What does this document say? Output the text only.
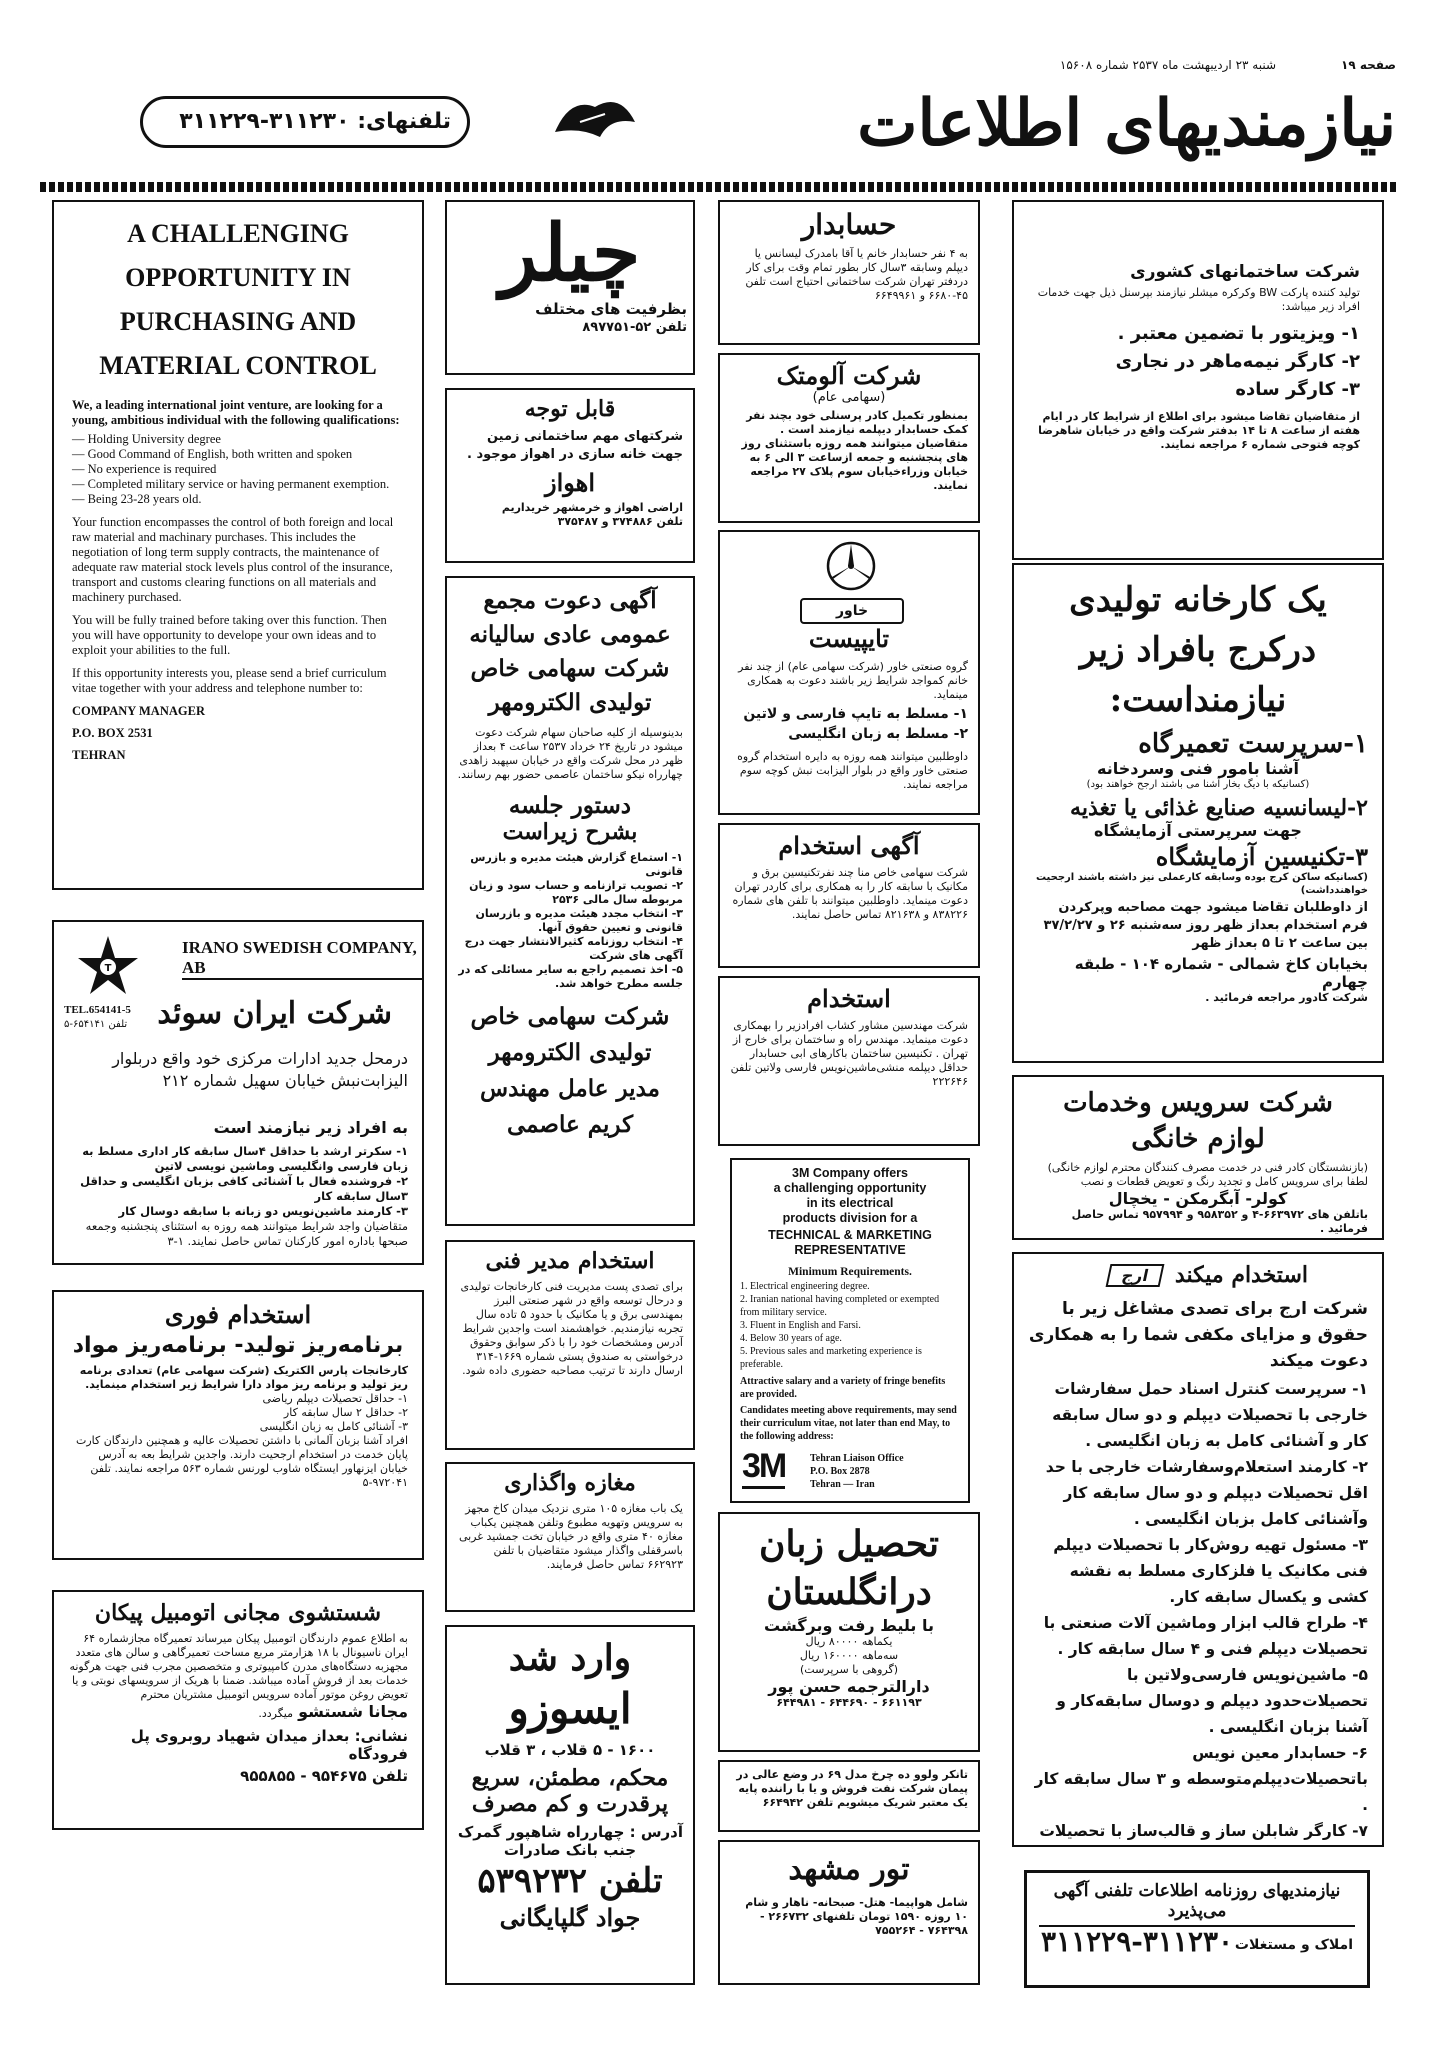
صفحه ۱۹
شنبه ۲۳ اردیبهشت ماه ۲۵۳۷ شماره ۱۵۶۰۸
نیازمندیهای اطلاعات
تلفنهای: ۳۱۱۲۳۰-۳۱۱۲۲۹
A CHALLENGING
OPPORTUNITY IN
PURCHASING AND
MATERIAL CONTROL

We, a leading international joint venture, are looking for a young, ambitious individual with the following qualifications:

— Holding University degree
— Good Command of English, both written and spoken
— No experience is required
— Completed military service or having permanent exemption.
— Being 23-28 years old.

Your function encompasses the control of both foreign and local raw material and machinary purchases. This includes the negotiation of long term supply contracts, the maintenance of adequate raw material stock levels plus control of the insurance, transport and customs clearing functions on all materials and machinery purchased.

You will be fully trained before taking over this function. Then you will have opportunity to develope your own ideas and to exploit your abilities to the full.

If this opportunity interests you, please send a brief curriculum vitae together with your address and telephone number to:

COMPANY MANAGER
P.O. BOX 2531
TEHRAN
T
IRANO SWEDISH COMPANY, AB
TEL.654141-5
تلفن ۶۵۴۱۴۱-۵ شرکت ایران سوئد
درمحل جدید ادارات مرکزی خود واقع دربلوار الیزابت‌نبش خیابان سهیل شماره ۲۱۲
به افراد زیر نیازمند است
۱- سکرتر ارشد با حداقل ۴سال سابقه کار اداری مسلط به زبان فارسی وانگلیسی وماشین نویسی لاتین
۲- فروشنده فعال با آشنائی کافی بزبان انگلیسی و حداقل ۳سال سابقه کار
۳- کارمند ماشین‌نویس دو زبانه با سابقه دوسال کار
متقاضیان واجد شرایط میتوانند همه روزه به استثنای پنجشنبه وجمعه صبحها باداره امور کارکنان تماس حاصل نمایند. ۱-۳
استخدام فوری
برنامه‌ریز تولید- برنامه‌ریز مواد
کارخانجات پارس الکتریک (شرکت سهامی عام) تعدادی برنامه ریز تولید و برنامه ریز مواد دارا شرایط زیر استخدام مینماید.
۱- حداقل تحصیلات دیپلم ریاضی
۲- حداقل ۲ سال سابقه کار
۳- آشنائی کامل به زبان انگلیسی
افراد آشنا بزبان آلمانی با داشتن تحصیلات عالیه و همچنین دارندگان کارت پایان خدمت در استخدام ارجحیت دارند. واجدین شرایط بعه به آدرس خیابان ایزنهاور ایستگاه شاوب لورنس شماره ۵۶۳ مراجعه نمایند. تلفن ۹۷۲۰۴۱-۵
شستشوی مجانی اتومبیل پیکان
به اطلاع عموم دارندگان اتومبیل پیکان میرساند تعمیرگاه مجازشماره ۶۴ ایران ناسیونال با ۱۸ هزارمتر مربع مساحت تعمیرگاهی و سالن های متعدد مجهزبه دستگاه‌های مدرن کامپیوتری و متخصصین مجرب فنی جهت هرگونه خدمات بعد از فروش آماده میباشد. ضمنا با هریک از سرویسهای نوبتی و یا تعویض روغن موتور آماده سرویس اتومبیل مشتریان محترم
مجانا شستشو میگردد.
نشانی: بعداز میدان شهیاد روبروی پل فرودگاه
تلفن ۹۵۴۶۷۵ - ۹۵۵۸۵۵
چیلر
بظرفیت های مختلف
تلفن ۵۲-۸۹۷۷۵۱
قابل توجه
شرکتهای مهم ساختمانی زمین جهت خانه سازی در اهواز موجود .
اهواز
اراضی اهواز و خرمشهر خریداریم
تلفن ۳۷۴۸۸۶ و ۳۷۵۴۸۷
آگهی دعوت مجمع
عمومی عادی سالیانه
شرکت سهامی خاص
تولیدی الکترومهر
بدینوسیله از کلیه صاحبان سهام شرکت دعوت میشود در تاریخ ۲۴ خرداد ۲۵۳۷ ساعت ۴ بعداز ظهر در محل شرکت واقع در خیابان سپهبد زاهدی چهارراه نیکو ساختمان عاصمی حضور بهم رسانند.
دستور جلسه
بشرح زیراست
۱- استماع گزارش هیئت مدیره و بازرس قانونی
۲- تصویب ترازنامه و حساب سود و زیان مربوطه سال مالی ۲۵۳۶
۳- انتخاب مجدد هیئت مدیره و بازرسان قانونی و تعیین حقوق آنها.
۴- انتخاب روزنامه کثیرالانتشار جهت درج آگهی های شرکت
۵- اخذ تصمیم راجع به سایر مسائلی که در جلسه مطرح خواهد شد.
شرکت سهامی خاص
تولیدی الکترومهر
مدیر عامل مهندس
کریم عاصمی
استخدام مدیر فنی
برای تصدی پست مدیریت فنی کارخانجات تولیدی و درحال توسعه واقع در شهر صنعتی البرز بمهندسی برق و یا مکانیک با حدود ۵ تاده سال تجربه نیازمندیم. خواهشمند است واجدین شرایط آدرس ومشخصات خود را با ذکر سوابق وحقوق درخواستی به صندوق پستی شماره ۱۶۶۹-۳۱۴ ارسال دارند تا ترتیب مصاحبه حضوری داده شود.
مغازه واگذاری
یک باب مغازه ۱۰۵ متری نزدیک میدان کاخ مجهز به سرویس وتهویه مطبوع وتلفن همچنین یکباب مغازه ۴۰ متری واقع در خیابان تخت جمشید غربی باسرقفلی واگذار میشود متقاضیان با تلفن ۶۶۲۹۲۳ تماس حاصل فرمایند.
وارد شد
ایسوزو
۱۶۰۰ - ۵ قلاب ، ۳ قلاب
محکم، مطمئن، سریع
پرقدرت و کم مصرف
آدرس : چهارراه شاهپور گمرک
جنب بانک صادرات
تلفن ۵۳۹۲۳۲
جواد گلپایگانی
حسابدار
به ۴ نفر حسابدار خانم یا آقا بامدرک لیسانس یا دیپلم وسابقه ۳سال کار بطور تمام وقت برای کار دردفتر تهران شرکت ساختمانی احتیاج است تلفن ۴۵-۶۶۸۰ و ۶۶۴۹۹۶۱
شرکت آلومتک
(سهامی عام)
بمنظور تکمیل کادر پرسنلی خود بچند نفر کمک حسابدار دیپلمه نیازمند است . متقاضیان میتوانند همه روزه باستثنای روز های پنجشنبه و جمعه ازساعت ۳ الی ۶ به خیابان وزراءخیابان سوم پلاک ۲۷ مراجعه نمایند.
خاور
تایپیست
گروه صنعتی خاور (شرکت سهامی عام) از چند نفر خانم کمواجد شرایط زیر باشند دعوت به همکاری مینماید.
۱- مسلط به تایپ فارسی و لاتین
۲- مسلط به زبان انگلیسی
داوطلبین میتوانند همه روزه به دایره استخدام گروه صنعتی خاور واقع در بلوار الیزابت نبش کوچه سوم مراجعه نمایند.
آگهی استخدام
شرکت سهامی خاص منا چند نفرتکنیسین برق و مکانیک با سابقه کار را به همکاری برای کاردر تهران دعوت مینماید. داوطلبین میتوانند با تلفن های شماره ۸۳۸۲۲۶ و ۸۲۱۶۳۸ تماس حاصل نمایند.
استخدام
شرکت مهندسین مشاور کشاب افرادزیر را بهمکاری دعوت مینماید. مهندس راه و ساختمان برای خارج از تهران . تکنیسین ساختمان باکارهای ابی حسابدار حداقل دیپلمه منشی‌ماشین‌نویس فارسی ولاتین تلفن ۲۲۲۶۴۶
3M Company offers
a challenging opportunity
in its electrical
products division for a
TECHNICAL & MARKETING REPRESENTATIVE
Minimum Requirements.
1. Electrical engineering degree.
2. Iranian national having completed or exempted from military service.
3. Fluent in English and Farsi.
4. Below 30 years of age.
5. Previous sales and marketing experience is preferable.
Attractive salary and a variety of fringe benefits are provided.
Candidates meeting above requirements, may send their curriculum vitae, not later than end May, to the following address:
3M Tehran Liaison Office
P.O. Box 2878
Tehran — Iran
تحصیل زبان
درانگلستان
با بلیط رفت وبرگشت
یکماهه ۸۰۰۰۰ ریال
سه‌ماهه ۱۶۰۰۰۰ ریال
(گروهی با سرپرست)
دارالترجمه حسن پور
۶۶۱۱۹۳ - ۶۴۴۶۹۰ - ۶۴۴۹۸۱
تانکر ولوو ده چرخ مدل ۶۹ در وضع عالی در پیمان شرکت نفت فروش و یا با راننده پایه یک معتبر شریک میشویم تلفن ۶۶۴۹۴۲
تور مشهد
شامل هواپیما- هتل- صبحانه- ناهار و شام ۱۰ روزه ۱۵۹۰ تومان تلفنهای ۲۶۶۷۳۲ - ۷۶۴۳۹۸ - ۷۵۵۲۶۴
شرکت ساختمانهای کشوری
تولید کننده پارکت BW وکرکره میشلر نیازمند بپرسنل ذیل جهت خدمات افراد زیر میباشد:
۱- ویزیتور با تضمین معتبر .
۲- کارگر نیمه‌ماهر در نجاری
۳- کارگر ساده
از متقاضیان تقاضا میشود برای اطلاع از شرایط کار در ایام هفته از ساعت ۸ تا ۱۴ بدفتر شرکت واقع در خیابان شاهرضا کوچه فتوحی شماره ۶ مراجعه نمایند.
یک کارخانه تولیدی
درکرج بافراد زیر
نیازمنداست:
۱-سرپرست تعمیرگاه
آشنا بامور فنی وسردخانه
(کسانیکه با دیگ بخار آشنا می باشند ارجح خواهند بود)
۲-لیسانسیه صنایع غذائی یا تغذیه
جهت سرپرستی آزمایشگاه
۳-تکنیسین آزمایشگاه
(کسانیکه ساکن کرج بوده وسابقه کارعملی نیز داشته باشند ارجحیت خواهندداشت)
از داوطلبان تقاضا میشود جهت مصاحبه وپرکردن فرم استخدام بعداز ظهر روز سه‌شنبه ۲۶ و ۳۷/۲/۲۷ بین ساعت ۲ تا ۵ بعداز ظهر
بخیابان کاخ شمالی - شماره ۱۰۴ - طبقه چهارم
شرکت کادور مراجعه فرمائید .
شرکت سرویس وخدمات
لوازم خانگی
(بازنشستگان کادر فنی در خدمت مصرف کنندگان محترم لوازم خانگی) لطفا برای سرویس کامل و تجدید رنگ و تعویض قطعات و نصب
کولر- آبگرمکن - یخچال
باتلفن های ۶۶۳۹۷۲-۴ و ۹۵۸۳۵۲ و ۹۵۷۹۹۴ تماس حاصل فرمائید .
استخدام میکند
ارج
شرکت ارج برای تصدی مشاغل زیر با حقوق و مزایای مکفی شما را به همکاری دعوت میکند
۱- سرپرست کنترل اسناد حمل سفارشات خارجی با تحصیلات دیپلم و دو سال سابقه کار و آشنائی کامل به زبان انگلیسی .
۲- کارمند استعلام‌وسفارشات خارجی با حد اقل تحصیلات دیپلم و دو سال سابقه کار وآشنائی کامل بزبان انگلیسی .
۳- مسئول تهیه روش‌کار با تحصیلات دیپلم فنی مکانیک یا فلزکاری مسلط به نقشه کشی و یکسال سابقه کار.
۴- طراح قالب ابزار وماشین آلات صنعتی با تحصیلات دیپلم فنی و ۴ سال سابقه کار .
۵- ماشین‌نویس فارسی‌ولاتین با تحصیلات‌حدود دیپلم و دوسال سابقه‌کار و آشنا بزبان انگلیسی .
۶- حسابدار معین نویس باتحصیلات‌دیپلم‌متوسطه و ۳ سال سابقه کار .
۷- کارگر شابلن ساز و قالب‌ساز با تحصیلات
نیازمندیهای روزنامه اطلاعات تلفنی آگهی می‌پذیرد
املاک و مستغلات
۳۱۱۲۲۹-۳۱۱۲۳۰
